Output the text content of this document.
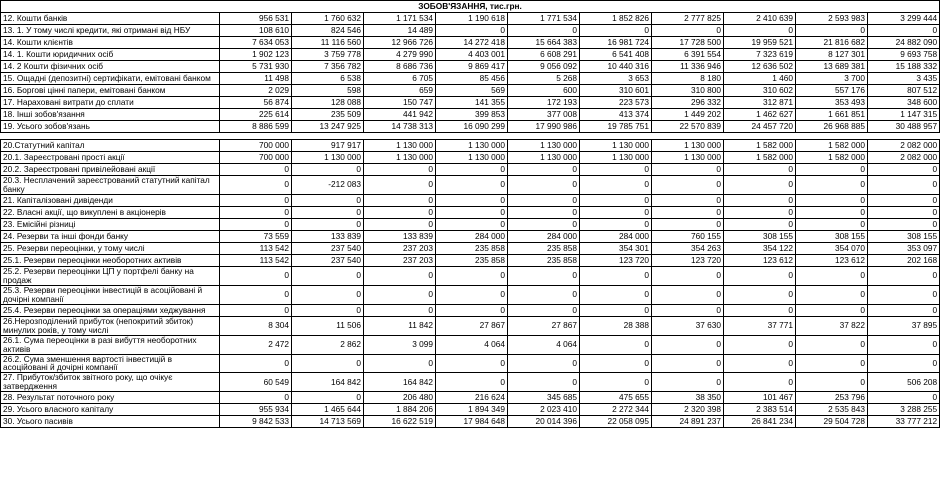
ЗОБОВ'ЯЗАННЯ, тис.грн.										
12. Кошти банків	956 531	1 760 632	1 171 534	1 190 618	1 771 534	1 852 826	2 777 825	2 410 639	2 593 983	3 299 444
13. 1. У тому числі кредити, які отримані від НБУ	108 610	824 546	14 489	0	0	0	0	0	0	0
14. Кошти клієнтів	7 634 053	11 116 560	12 966 726	14 272 418	15 664 383	16 981 724	17 728 500	19 959 521	21 816 682	24 882 090
14. 1. Кошти юридичних осіб	1 902 123	3 759 778	4 279 990	4 403 001	6 608 291	6 541 408	6 391 554	7 323 619	8 127 301	9 693 758
14. 2 Кошти фізичних осіб	5 731 930	7 356 782	8 686 736	9 869 417	9 056 092	10 440 316	11 336 946	12 636 502	13 689 381	15 188 332
15. Ощадні (депозитні) сертифікати, емітовані банком	11 498	6 538	6 705	85 456	5 268	3 653	8 180	1 460	3 700	3 435
16. Боргові цінні папери, емітовані банком	2 029	598	659	569	600	310 601	310 800	310 602	557 176	807 512
17. Нараховані витрати до сплати	56 874	128 088	150 747	141 355	172 193	223 573	296 332	312 871	353 493	348 600
18. Інші зобов'язання	225 614	235 509	441 942	399 853	377 008	413 374	1 449 202	1 462 627	1 661 851	1 147 315
19. Усього зобов'язань	8 886 599	13 247 925	14 738 313	16 090 299	17 990 986	19 785 751	22 570 839	24 457 720	26 968 885	30 488 957

20.Статутний капітал	700 000	917 917	1 130 000	1 130 000	1 130 000	1 130 000	1 130 000	1 582 000	1 582 000	2 082 000
20.1. Зареєстровані прості акції	700 000	1 130 000	1 130 000	1 130 000	1 130 000	1 130 000	1 130 000	1 582 000	1 582 000	2 082 000
20.2. Зареєстровані привілейовані акції	0	0	0	0	0	0	0	0	0	0
20.3. Несплачений зареєстрований статутний капітал банку	0	-212 083	0	0	0	0	0	0	0	0
21. Капіталізовані дивіденди	0	0	0	0	0	0	0	0	0	0
22. Власні акції, що викуплені в акціонерів	0	0	0	0	0	0	0	0	0	0
23. Емісійні різниці	0	0	0	0	0	0	0	0	0	0
24. Резерви та інші фонди банку	73 559	133 839	133 839	284 000	284 000	284 000	760 155	308 155	308 155	308 155
25. Резерви переоцінки, у тому числі	113 542	237 540	237 203	235 858	235 858	354 301	354 263	354 122	354 070	353 097
25.1. Резерви переоцінки необоротних активів	113 542	237 540	237 203	235 858	235 858	123 720	123 720	123 612	123 612	202 168
25.2. Резерви переоцінки ЦП у портфелі банку на продаж	0	0	0	0	0	0	0	0	0	0
25.3. Резерви переоцінки інвестицій в асоційовані й дочірні компанії	0	0	0	0	0	0	0	0	0	0
25.4. Резерви переоцінки за операціями хеджування	0	0	0	0	0	0	0	0	0	0
26.Нерозподілений прибуток (непокритий збиток) минулих років, у тому числі	8 304	11 506	11 842	27 867	27 867	28 388	37 630	37 771	37 822	37 895
26.1. Сума переоцінки в разі вибуття необоротних активів	2 472	2 862	3 099	4 064	4 064	0	0	0	0	0
26.2. Сума зменшення вартості інвестицій в асоційовані й дочірні компанії	0	0	0	0	0	0	0	0	0	0
27. Прибуток/збиток звітного року, що очікує затвердження	60 549	164 842	164 842	0	0	0	0	0	0	506 208
28. Результат поточного року	0	0	206 480	216 624	345 685	475 655	38 350	101 467	253 796	0
29. Усього власного капіталу	955 934	1 465 644	1 884 206	1 894 349	2 023 410	2 272 344	2 320 398	2 383 514	2 535 843	3 288 255
30. Усього пасивів	9 842 533	14 713 569	16 622 519	17 984 648	20 014 396	22 058 095	24 891 237	26 841 234	29 504 728	33 777 212
